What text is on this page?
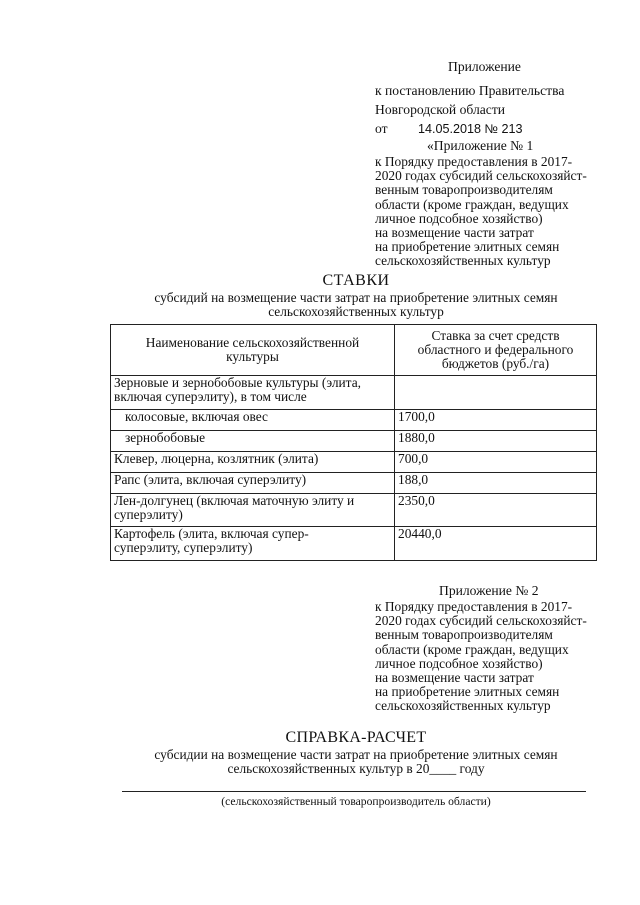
Приложение
к постановлению Правительства
Новгородской области
от	14.05.2018 № 213
«Приложение № 1
к Порядку предоставления в 2017-
2020 годах субсидий сельскохозяйст-
венным товаропроизводителям
области (кроме граждан, ведущих
личное подсобное хозяйство)
на возмещение части затрат
на приобретение элитных семян
сельскохозяйственных культур
СТАВКИ
субсидий на возмещение части затрат на приобретение элитных семян
сельскохозяйственных культур
Наименование сельскохозяйственной
культуры	Ставка за счет средств
областного и федерального
бюджетов (руб./га)

Зерновые и зернобобовые культуры (элита,
включая суперэлиту), в том числе	

колосовые, включая овес	1700,0

зернобобовые	1880,0

Клевер, люцерна, козлятник (элита)	700,0

Рапс (элита, включая суперэлиту)	188,0

Лен-долгунец (включая маточную элиту и
суперэлиту)	2350,0

Картофель (элита, включая супер-
суперэлиту, суперэлиту)	20440,0
Приложение № 2
к Порядку предоставления в 2017-
2020 годах субсидий сельскохозяйст-
венным товаропроизводителям
области (кроме граждан, ведущих
личное подсобное хозяйство)
на возмещение части затрат
на приобретение элитных семян
сельскохозяйственных культур
СПРАВКА-РАСЧЕТ
субсидии на возмещение части затрат на приобретение элитных семян
сельскохозяйственных культур в 20____ году
(сельскохозяйственный товаропроизводитель области)
